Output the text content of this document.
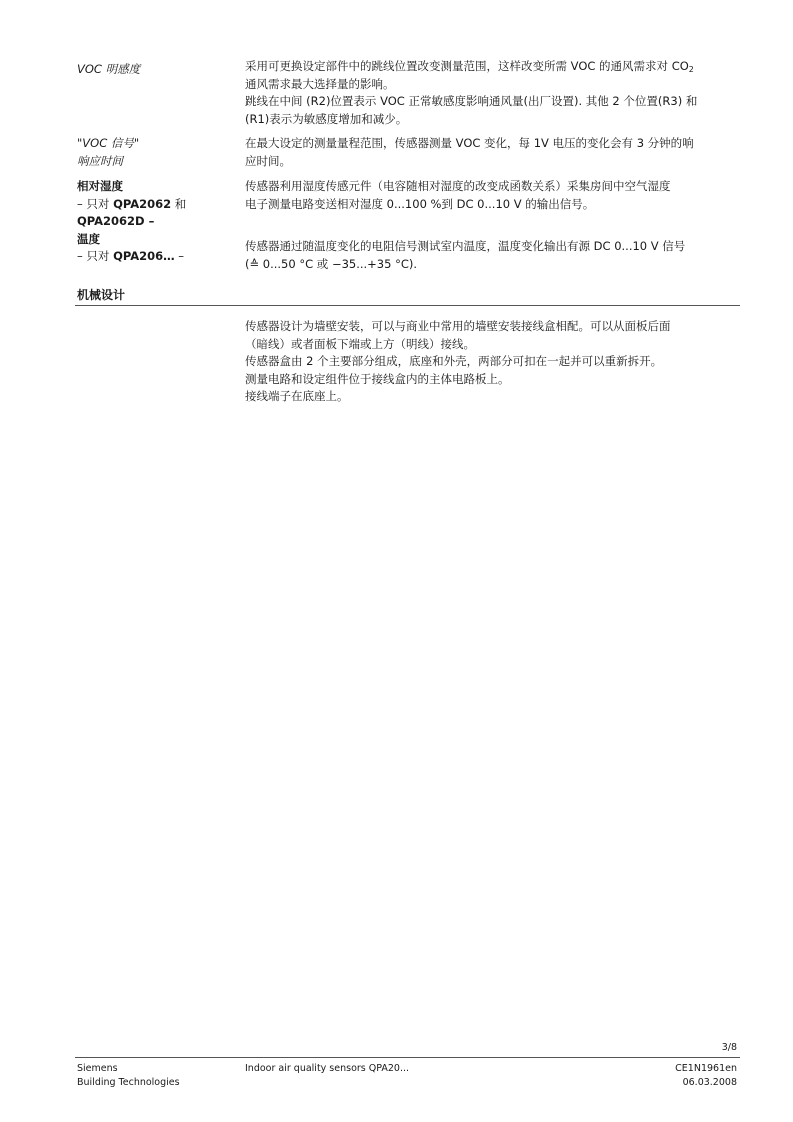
VOC 明感度	采用可更换设定部件中的跳线位置改变测量范围，这样改变所需 VOC 的通风需求对 $CO_2$

通风需求最大选择量的影响。

跳线在中间 (R2)位置表示 VOC 正常敏感度影响通风量(出厂设置). 其他 2 个位置(R3) 和

(R1)表示为敏感度增加和减少。

"VOC 信号"
响应时间

在最大设定的测量量程范围，传感器测量 VOC 变化，每 1V 电压的变化会有 3 分钟的响

应时间。

相对湿度
– 只对 QPA2062 和
QPA2062D –
温度
– 只对 QPA206… –

传感器利用湿度传感元件（电容随相对湿度的改变成函数关系）采集房间中空气湿度

电子测量电路变送相对湿度 0...100 %到 DC 0...10 V 的输出信号。

传感器通过随温度变化的电阻信号测试室内温度，温度变化输出有源 DC 0...10 V 信号

(≙ 0...50 °C 或 −35...+35 °C).

机械设计

传感器设计为墙壁安装，可以与商业中常用的墙壁安装接线盒相配。可以从面板后面

（暗线）或者面板下端或上方（明线）接线。

传感器盒由 2 个主要部分组成，底座和外壳，两部分可扣在一起并可以重新拆开。

测量电路和设定组件位于接线盒内的主体电路板上。

接线端子在底座上。

3/8
Siemens
Building Technologies
Indoor air quality sensors QPA20...	CE1N1961en
06.03.2008
